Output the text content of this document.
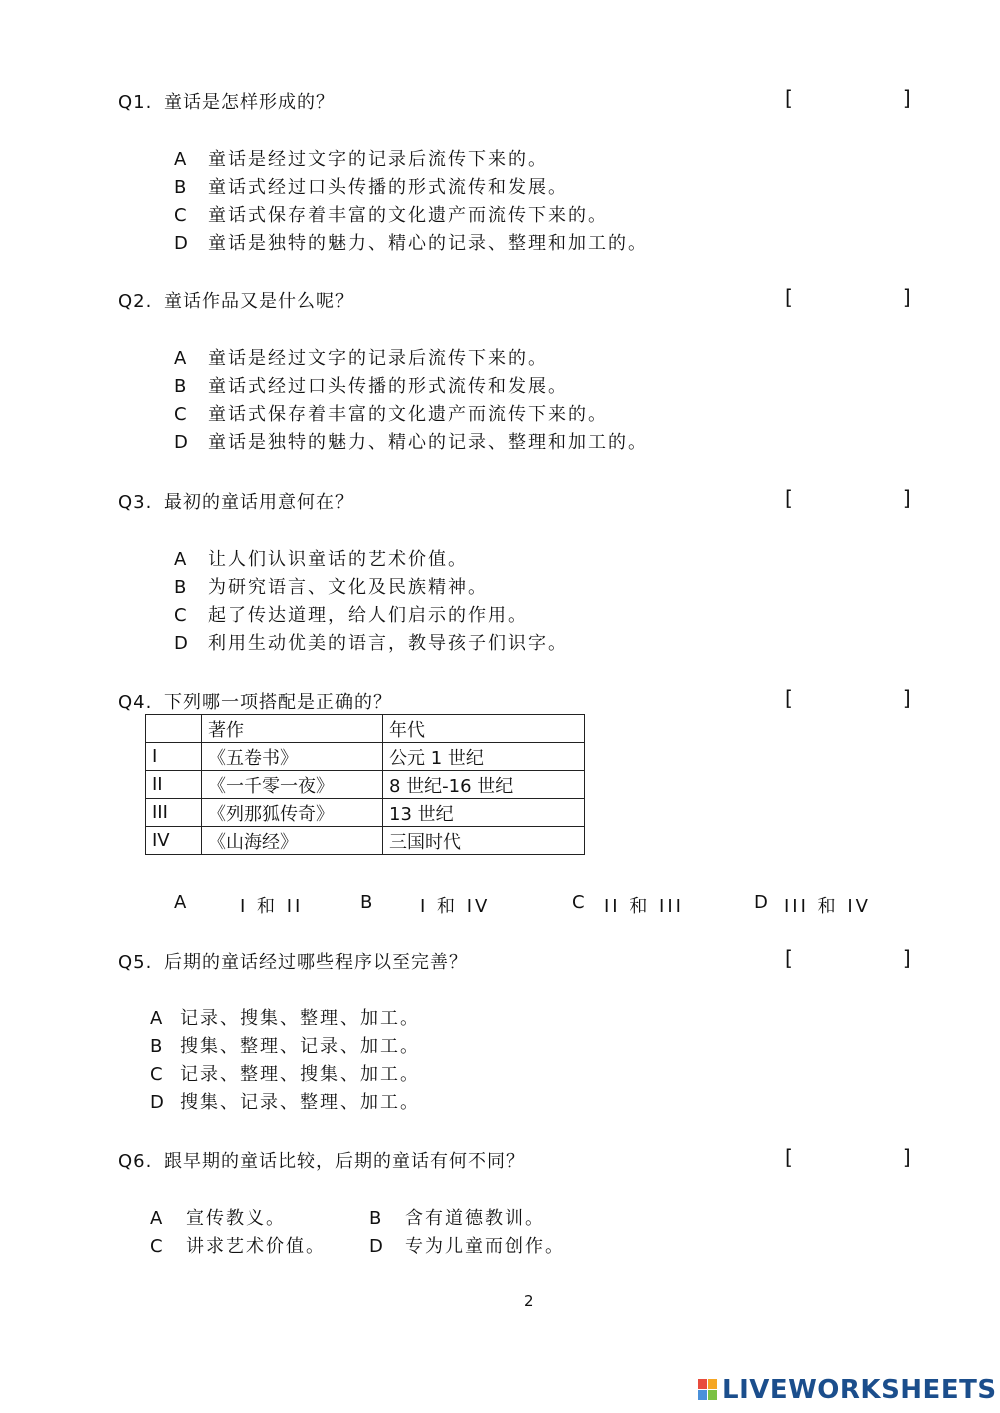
Q1. 童话是怎样形成的？	[	]
A 童话是经过文字的记录后流传下来的。
B 童话式经过口头传播的形式流传和发展。
C 童话式保存着丰富的文化遗产而流传下来的。
D 童话是独特的魅力、精心的记录、整理和加工的。
Q2. 童话作品又是什么呢？	[	]
A 童话是经过文字的记录后流传下来的。
B 童话式经过口头传播的形式流传和发展。
C 童话式保存着丰富的文化遗产而流传下来的。
D 童话是独特的魅力、精心的记录、整理和加工的。
Q3. 最初的童话用意何在？	[	]
A 让人们认识童话的艺术价值。
B 为研究语言、文化及民族精神。
C 起了传达道理，给人们启示的作用。
D 利用生动优美的语言，教导孩子们识字。
Q4. 下列哪一项搭配是正确的？	[	]
	著作	年代
I	《五卷书》	公元 1 世纪
II	《一千零一夜》	8 世纪-16 世纪
III	《列那狐传奇》	13 世纪
IV	《山海经》	三国时代
A	I 和 II	B I 和 IV	C II 和 III	D III 和 IV
Q5. 后期的童话经过哪些程序以至完善？	[	]
A 记录、搜集、整理、加工。
B 搜集、整理、记录、加工。
C 记录、整理、搜集、加工。
D 搜集、记录、整理、加工。
Q6. 跟早期的童话比较，后期的童话有何不同？	[	]
A 宣传教义。	B 含有道德教训。
C 讲求艺术价值。 D 专为儿童而创作。
2
LIVEWORKSHEETS
